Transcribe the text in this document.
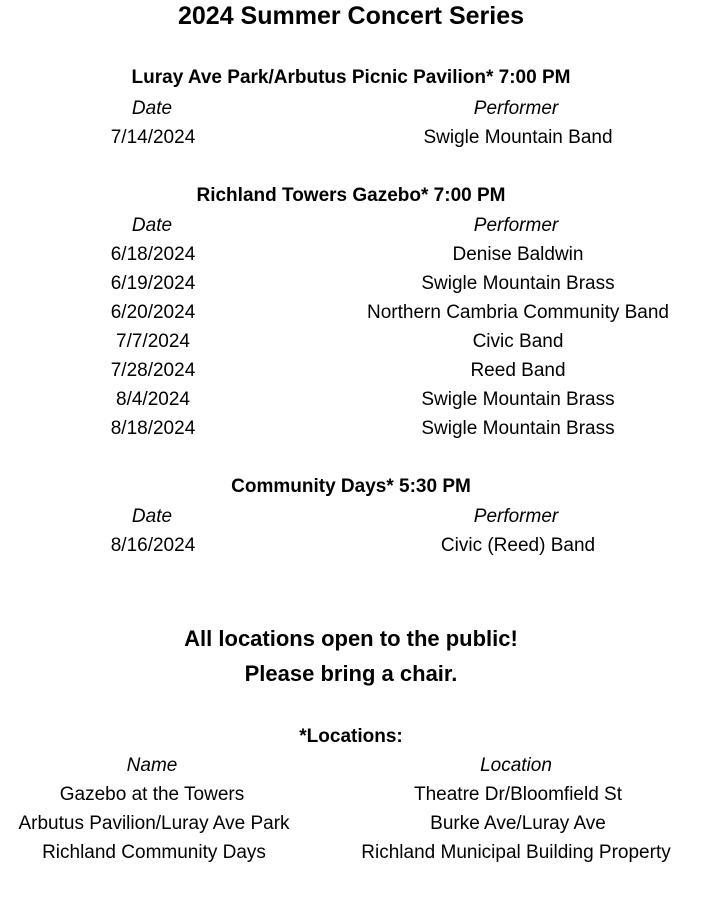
2024 Summer Concert Series
Luray Ave Park/Arbutus Picnic Pavilion* 7:00 PM
Date	Performer
7/14/2024	Swigle Mountain Band
Richland Towers Gazebo* 7:00 PM
Date	Performer
6/18/2024	Denise Baldwin
6/19/2024	Swigle Mountain Brass
6/20/2024	Northern Cambria Community Band
7/7/2024	Civic Band
7/28/2024	Reed Band
8/4/2024	Swigle Mountain Brass
8/18/2024	Swigle Mountain Brass
Community Days* 5:30 PM
Date	Performer
8/16/2024	Civic (Reed) Band
All locations open to the public!
Please bring a chair.
*Locations:
Name	Location
Gazebo at the Towers	Theatre Dr/Bloomfield St
Arbutus Pavilion/Luray Ave Park	Burke Ave/Luray Ave
Richland Community Days	Richland Municipal Building Property
